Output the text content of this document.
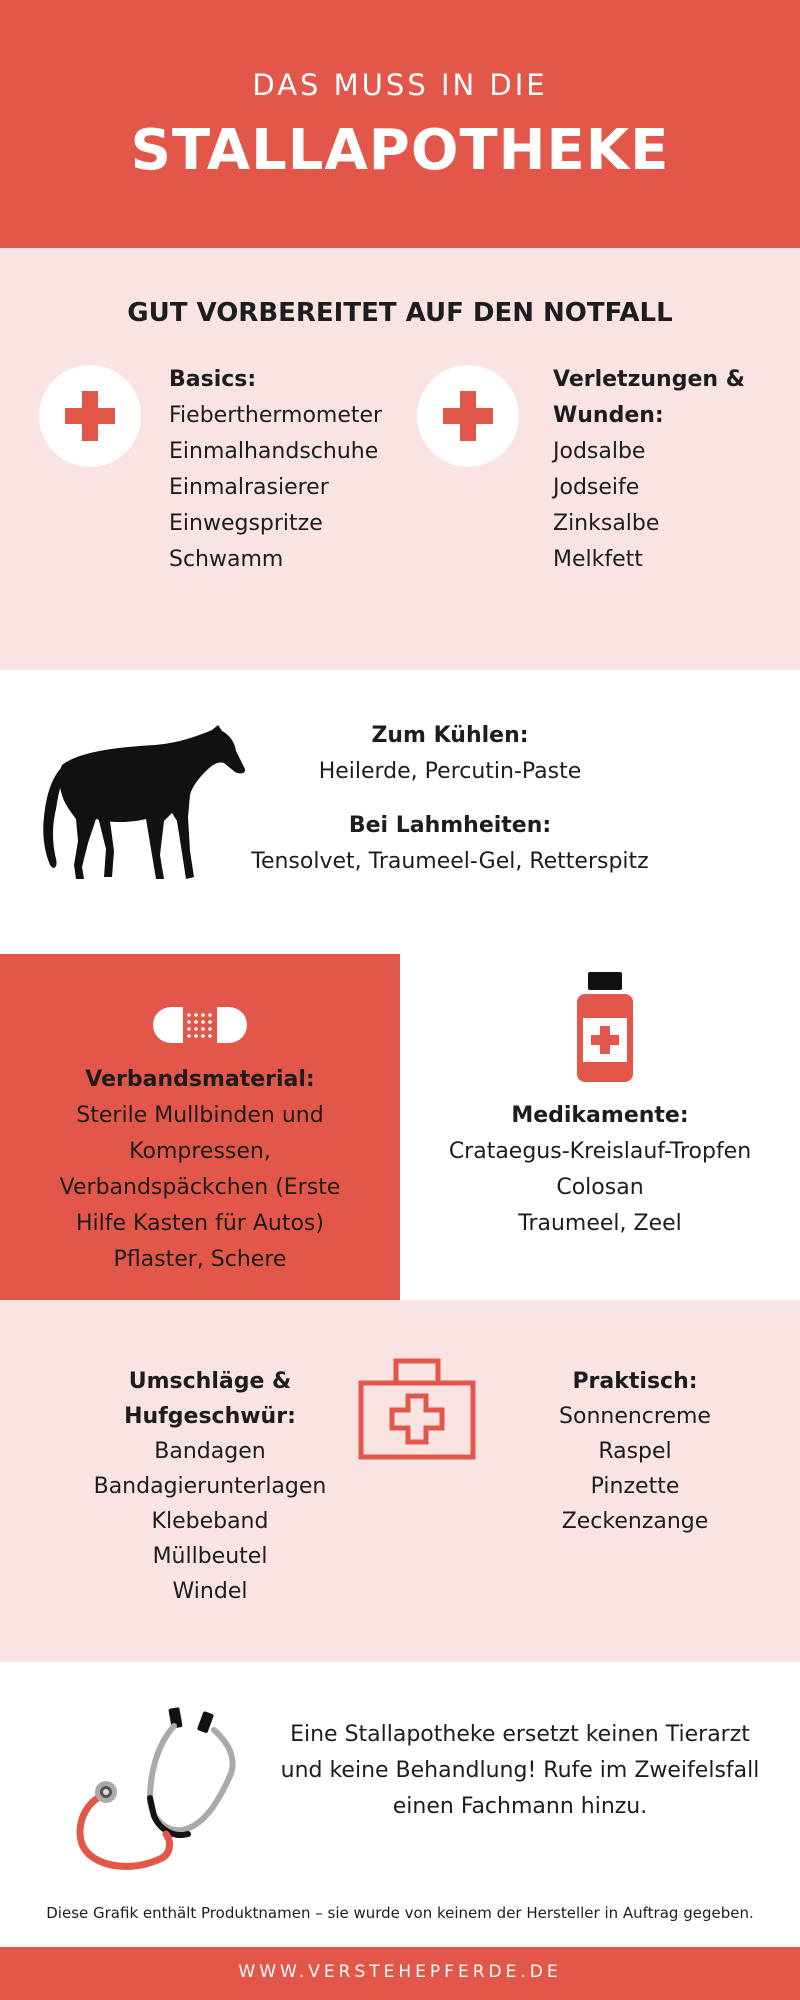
DAS MUSS IN DIE
STALLAPOTHEKE
GUT VORBEREITET AUF DEN NOTFALL
Basics:
Fieberthermometer
Einmalhandschuhe
Einmalrasierer
Einwegspritze
Schwamm
Verletzungen &
Wunden:
Jodsalbe
Jodseife
Zinksalbe
Melkfett
Zum Kühlen:
Heilerde, Percutin-Paste
Bei Lahmheiten:
Tensolvet, Traumeel-Gel, Retterspitz
Verbandsmaterial:
Sterile Mullbinden und
Kompressen,
Verbandspäckchen (Erste
Hilfe Kasten für Autos)
Pflaster, Schere
Medikamente:
Crataegus-Kreislauf-Tropfen
Colosan
Traumeel, Zeel
Umschläge &
Hufgeschwür:
Bandagen
Bandagierunterlagen
Klebeband
Müllbeutel
Windel
Praktisch:
Sonnencreme
Raspel
Pinzette
Zeckenzange
Eine Stallapotheke ersetzt keinen Tierarzt
und keine Behandlung! Rufe im Zweifelsfall
einen Fachmann hinzu.
Diese Grafik enthält Produktnamen – sie wurde von keinem der Hersteller in Auftrag gegeben.
WWW.VERSTEHEPFERDE.DE
